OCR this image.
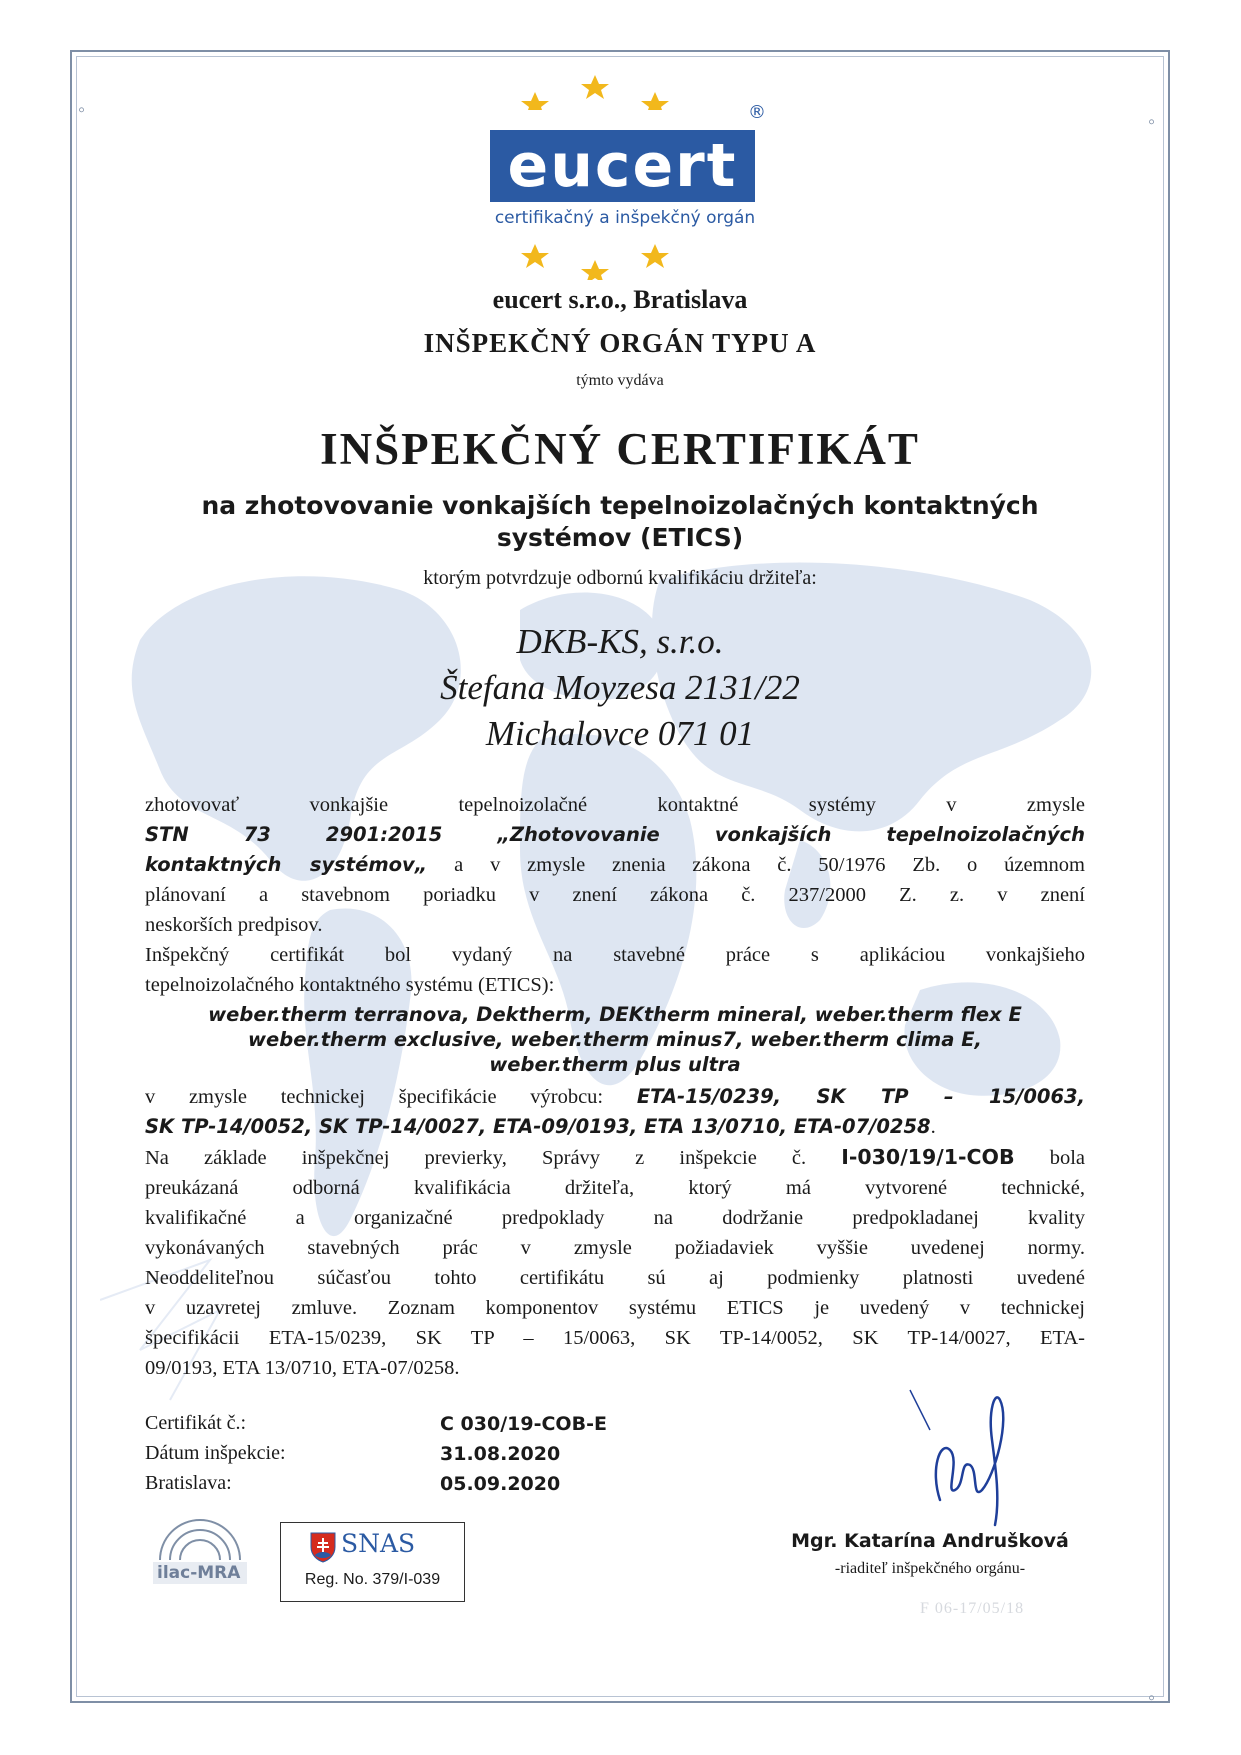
◦
◦
◦
eucert
®
certifikačný a inšpekčný orgán
eucert s.r.o., Bratislava
INŠPEKČNÝ ORGÁN TYPU A
týmto vydáva
INŠPEKČNÝ CERTIFIKÁT
na zhotovovanie vonkajších tepelnoizolačných kontaktných
systémov (ETICS)
ktorým potvrdzuje odbornú kvalifikáciu držiteľa:
DKB-KS, s.r.o.
Štefana Moyzesa 2131/22
Michalovce 071 01
zhotovovať vonkajšie tepelnoizolačné kontaktné systémy v zmysle
STN 73 2901:2015 „Zhotovovanie vonkajších tepelnoizolačných
kontaktných systémov„ a v zmysle znenia zákona č. 50/1976 Zb. o územnom
plánovaní a stavebnom poriadku v znení zákona č. 237/2000 Z. z. v znení
neskorších predpisov.
Inšpekčný certifikát bol vydaný na stavebné práce s aplikáciou vonkajšieho
tepelnoizolačného kontaktného systému (ETICS):
weber.therm terranova, Dektherm, DEKtherm mineral, weber.therm flex E
weber.therm exclusive, weber.therm minus7, weber.therm clima E,
weber.therm plus ultra
v zmysle technickej špecifikácie výrobcu: ETA-15/0239, SK TP – 15/0063,
SK TP-14/0052, SK TP-14/0027, ETA-09/0193, ETA 13/0710, ETA-07/0258.
Na základe inšpekčnej previerky, Správy z inšpekcie č. I-030/19/1-COB bola
preukázaná odborná kvalifikácia držiteľa, ktorý má vytvorené technické,
kvalifikačné a organizačné predpoklady na dodržanie predpokladanej kvality
vykonávaných stavebných prác v zmysle požiadaviek vyššie uvedenej normy.
Neoddeliteľnou súčasťou tohto certifikátu sú aj podmienky platnosti uvedené
v uzavretej zmluve. Zoznam komponentov systému ETICS je uvedený v technickej
špecifikácii ETA-15/0239, SK TP – 15/0063, SK TP-14/0052, SK TP-14/0027, ETA-
09/0193, ETA 13/0710, ETA-07/0258.
Certifikát č.:	C 030/19-COB-E
Dátum inšpekcie:	31.08.2020
Bratislava:	05.09.2020
Mgr. Katarína Andrušková
-riaditeľ inšpekčného orgánu-
F 06-17/05/18
ilac-MRA
SNAS
Reg. No. 379/I-039
